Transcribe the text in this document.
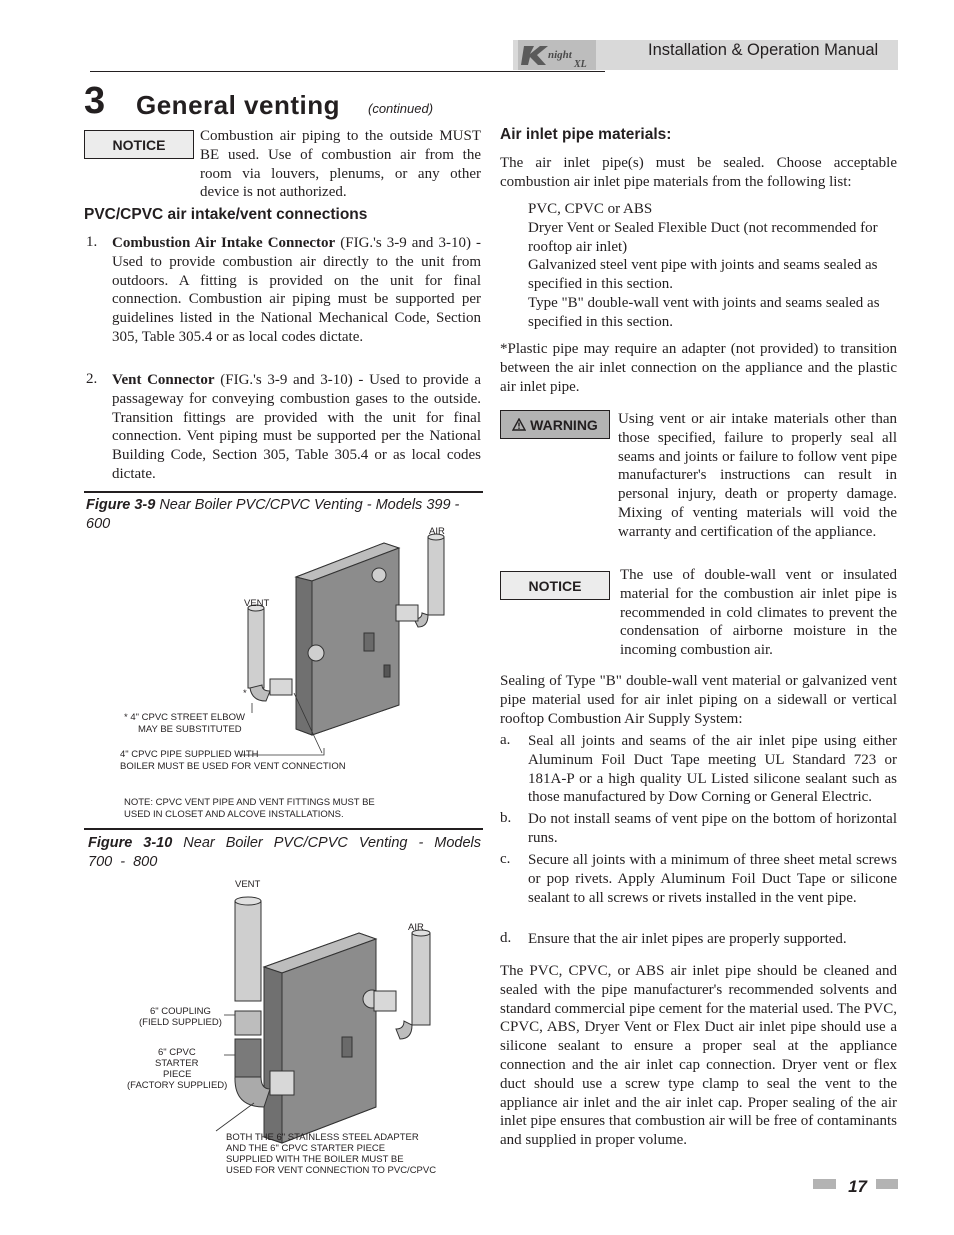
night
XL
Installation & Operation Manual
3 General venting (continued)
NOTICE
Combustion air piping to the outside MUST BE used. Use of combustion air from the room via louvers, plenums, or any other device is not authorized.
PVC/CPVC air intake/vent connections
1. Combustion Air Intake Connector (FIG.'s 3-9 and 3-10) - Used to provide combustion air directly to the unit from outdoors. A fitting is provided on the unit for final connection. Combustion air piping must be supported per guidelines listed in the National Mechanical Code, Section 305, Table 305.4 or as local codes dictate.
2. Vent Connector (FIG.'s 3-9 and 3-10) - Used to provide a passageway for conveying combustion gases to the outside. Transition fittings are provided with the unit for final connection. Vent piping must be supported per the National Building Code, Section 305, Table 305.4 or as local codes dictate.
Figure 3-9 Near Boiler PVC/CPVC Venting - Models 399 - 600	AIR
VENT
*
* 4" CPVC STREET ELBOW
MAY BE SUBSTITUTED
4" CPVC PIPE SUPPLIED WITH
BOILER MUST BE USED FOR VENT CONNECTION
NOTE: CPVC VENT PIPE AND VENT FITTINGS MUST BE
USED IN CLOSET AND ALCOVE INSTALLATIONS.
Figure 3-10 Near Boiler PVC/CPVC Venting - Models 700 - 800
VENT
AIR
6" COUPLING
(FIELD SUPPLIED)
6" CPVC
STARTER
PIECE
(FACTORY SUPPLIED)
BOTH THE 6" STAINLESS STEEL ADAPTER
AND THE 6" CPVC STARTER PIECE
SUPPLIED WITH THE BOILER MUST BE
USED FOR VENT CONNECTION TO PVC/CPVC
Air inlet pipe materials:
The air inlet pipe(s) must be sealed. Choose acceptable combustion air inlet pipe materials from the following list:
PVC, CPVC or ABS
Dryer Vent or Sealed Flexible Duct (not recommended for rooftop air inlet)
Galvanized steel vent pipe with joints and seams sealed as specified in this section.
Type "B" double-wall vent with joints and seams sealed as specified in this section.
*Plastic pipe may require an adapter (not provided) to transition between the air inlet connection on the appliance and the plastic air inlet pipe.
WARNING Using vent or air intake materials other than those specified, failure to properly seal all seams and joints or failure to follow vent pipe manufacturer's instructions can result in personal injury, death or property damage. Mixing of venting materials will void the warranty and certification of the appliance.
NOTICE
The use of double-wall vent or insulated material for the combustion air inlet pipe is recommended in cold climates to prevent the condensation of airborne moisture in the incoming combustion air.
Sealing of Type "B" double-wall vent material or galvanized vent pipe material used for air inlet piping on a sidewall or vertical rooftop Combustion Air Supply System:
a. Seal all joints and seams of the air inlet pipe using either Aluminum Foil Duct Tape meeting UL Standard 723 or 181A-P or a high quality UL Listed silicone sealant such as those manufactured by Dow Corning or General Electric.
b. Do not install seams of vent pipe on the bottom of horizontal runs.
c. Secure all joints with a minimum of three sheet metal screws or pop rivets. Apply Aluminum Foil Duct Tape or silicone sealant to all screws or rivets installed in the vent pipe.
d. Ensure that the air inlet pipes are properly supported.
The PVC, CPVC, or ABS air inlet pipe should be cleaned and sealed with the pipe manufacturer's recommended solvents and standard commercial pipe cement for the material used. The PVC, CPVC, ABS, Dryer Vent or Flex Duct air inlet pipe should use a silicone sealant to ensure a proper seal at the appliance connection and the air inlet cap connection. Dryer vent or flex duct should use a screw type clamp to seal the vent to the appliance air inlet and the air inlet cap. Proper sealing of the air inlet pipe ensures that combustion air will be free of contaminants and supplied in proper volume.
17
